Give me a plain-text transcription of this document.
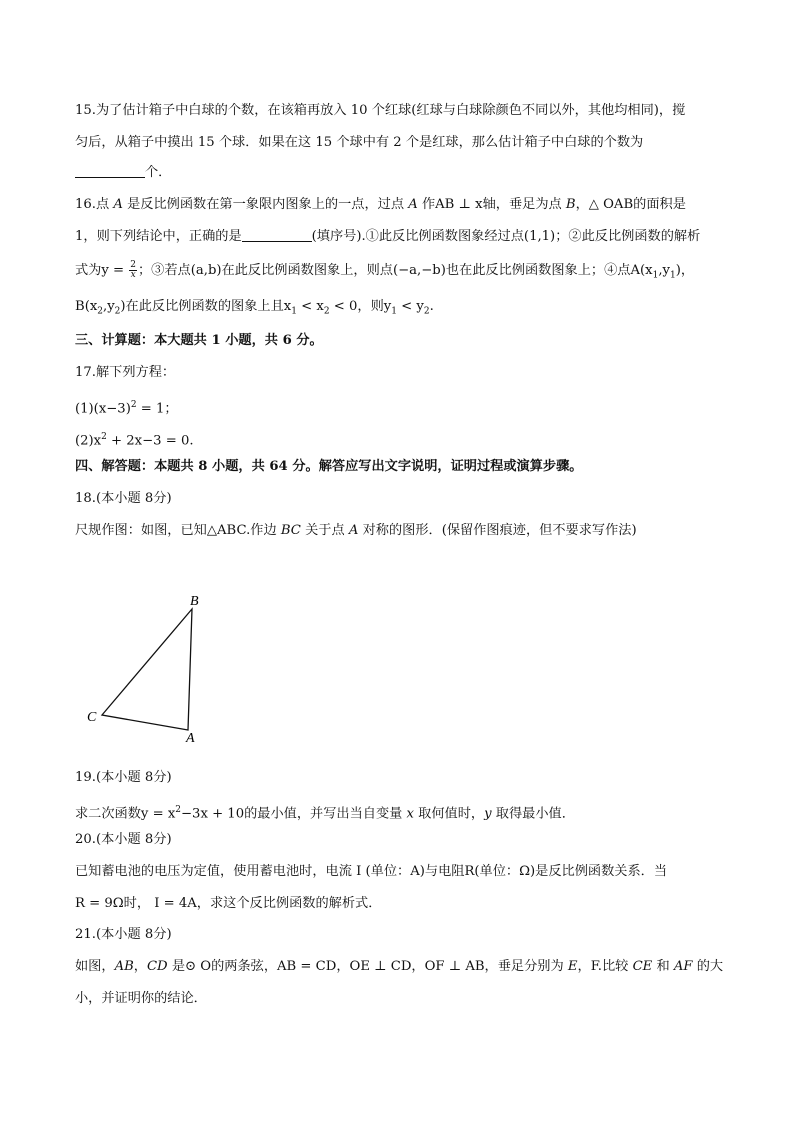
15.为了估计箱子中白球的个数，在该箱再放入 10 个红球(红球与白球除颜色不同以外，其他均相同)，搅
匀后，从箱子中摸出 15 个球．如果在这 15 个球中有 2 个是红球，那么估计箱子中白球的个数为
个．
16.点 A 是反比例函数在第一象限内图象上的一点，过点 A 作AB ⊥ x轴，垂足为点 B，△ OAB的面积是
1，则下列结论中，正确的是	(填序号).①此反比例函数图象经过点(1,1)；②此反比例函数的解析
式为$y = \frac{2}{x}$ ；③若点(a,b)在此反比例函数图象上，则点(−a,−b)也在此反比例函数图象上；④点$A(x_1,y_1)$，
$B(x_2,y_2)$在此反比例函数的图象上且$x_1 < x_2 < 0$，则$y_1 < y_2$.
三、计算题：本大题共 1 小题，共 6 分。
17.解下列方程：
$(1)(x-3)^2 = 1$；
$(2)x^2 + 2x-3 = 0$.
四、解答题：本题共 8 小题，共 64 分。解答应写出文字说明，证明过程或演算步骤。
18.(本小题 8分)
尺规作图：如图，已知△ABC.作边 BC 关于点 A 对称的图形．(保留作图痕迹，但不要求写作法)
B
C
A
19.(本小题 8分)
求二次函数$y = x^2-3x + 10$的最小值，并写出当自变量 x 取何值时，y 取得最小值．
20.(本小题 8分)
已知蓄电池的电压为定值，使用蓄电池时，电流 I (单位：A)与电阻R(单位：Ω)是反比例函数关系．当
R = 9Ω时， I = 4A，求这个反比例函数的解析式．
21.(本小题 8分)
如图，AB，CD 是⊙ O的两条弦，AB = CD，OE ⊥ CD，OF ⊥ AB，垂足分别为 E，F.比较 CE 和 AF 的大
小，并证明你的结论．
